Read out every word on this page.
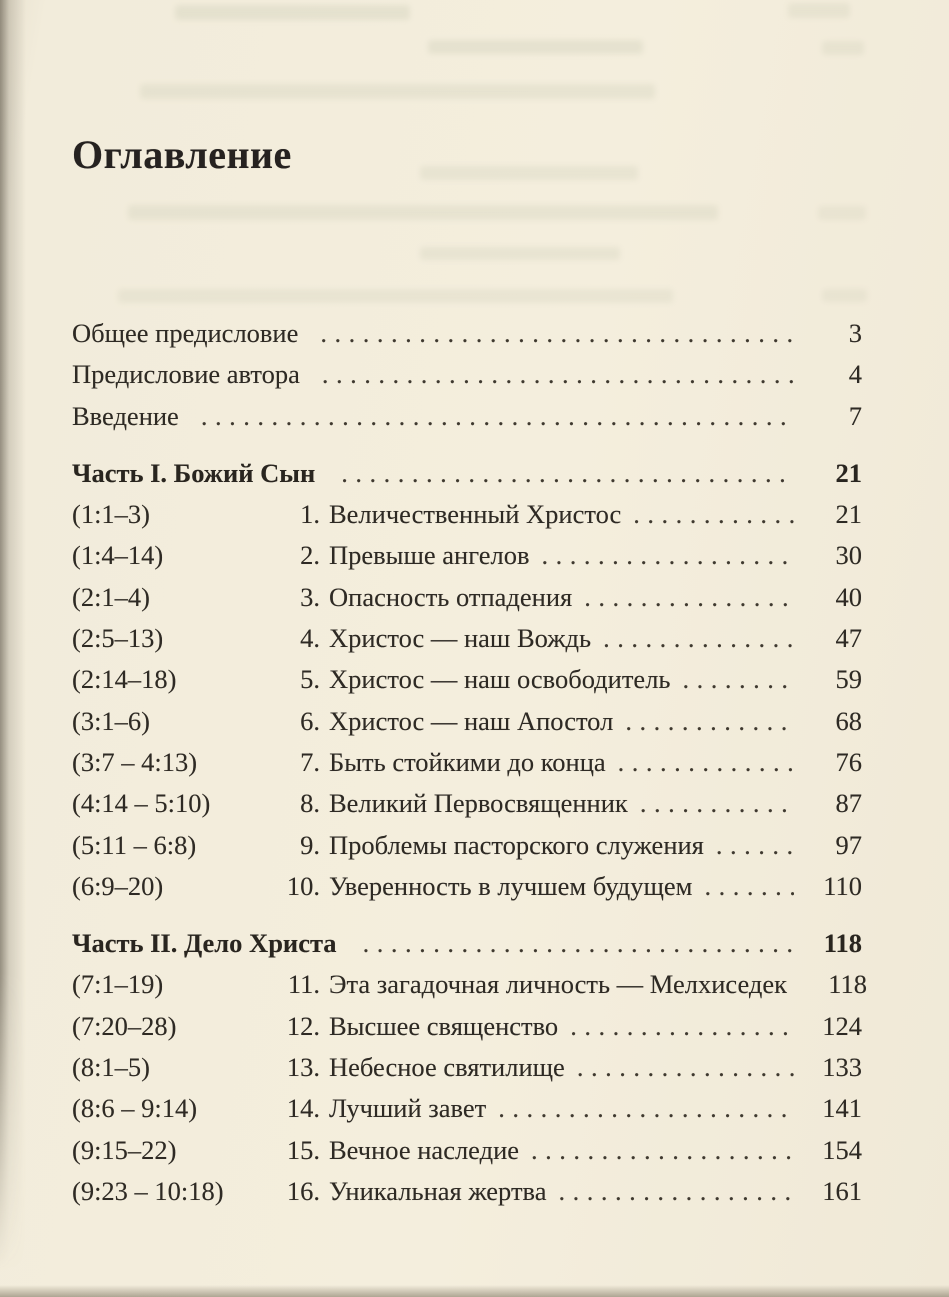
Оглавление
Общее предисловие .....	3
Предисловие автора .....	4
Введение .....	7
Часть I. Божий Сын .....	21
(1:1–3)	1. Величественный Христос .....	21
(1:4–14)	2. Превыше ангелов .....	30
(2:1–4)	3. Опасность отпадения .....	40
(2:5–13)	4. Христос — наш Вождь .....	47
(2:14–18)	5. Христос — наш освободитель .....	59
(3:1–6)	6. Христос — наш Апостол .....	68
(3:7 – 4:13)	7. Быть стойкими до конца .....	76
(4:14 – 5:10)	8. Великий Первосвященник .....	87
(5:11 – 6:8)	9. Проблемы пасторского служения .....	97
(6:9–20)	10. Уверенность в лучшем будущем .....	110
Часть II. Дело Христа .....	118
(7:1–19)	11. Эта загадочная личность — Мелхиседек	118
(7:20–28)	12. Высшее священство .....	124
(8:1–5)	13. Небесное святилище .....	133
(8:6 – 9:14)	14. Лучший завет .....	141
(9:15–22)	15. Вечное наследие .....	154
(9:23 – 10:18)	16. Уникальная жертва .....	161
